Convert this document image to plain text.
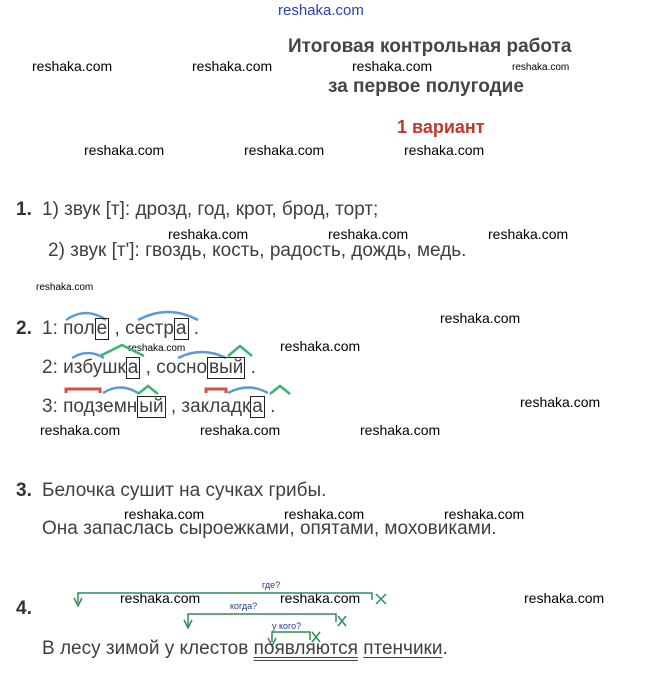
reshaka.com
reshaka.com	reshaka.com	reshaka.com	reshaka.com
reshaka.com	reshaka.com	reshaka.com
reshaka.com	reshaka.com	reshaka.com
reshaka.com
reshaka.com
reshaka.com	reshaka.com
reshaka.com
reshaka.com	reshaka.com	reshaka.com
reshaka.com	reshaka.com	reshaka.com
reshaka.com	reshaka.com	reshaka.com
Итоговая контрольная работа
за первое полугодие
1 вариант
1. 1) звук [т]: дрозд, год, крот, брод, торт;
2) звук [т']: гвоздь, кость, радость, дождь, медь.
2. 1: пол е , сестр а .
2: избушк а , сосно вый .
3: подземн ый , закладк а .
3. Белочка сушит на сучках грибы.
Она запаслась сыроежками, опятами, моховиками.
4.
где?
когда?
у кого?
В лесу зимой у клестов появляются птенчики.
